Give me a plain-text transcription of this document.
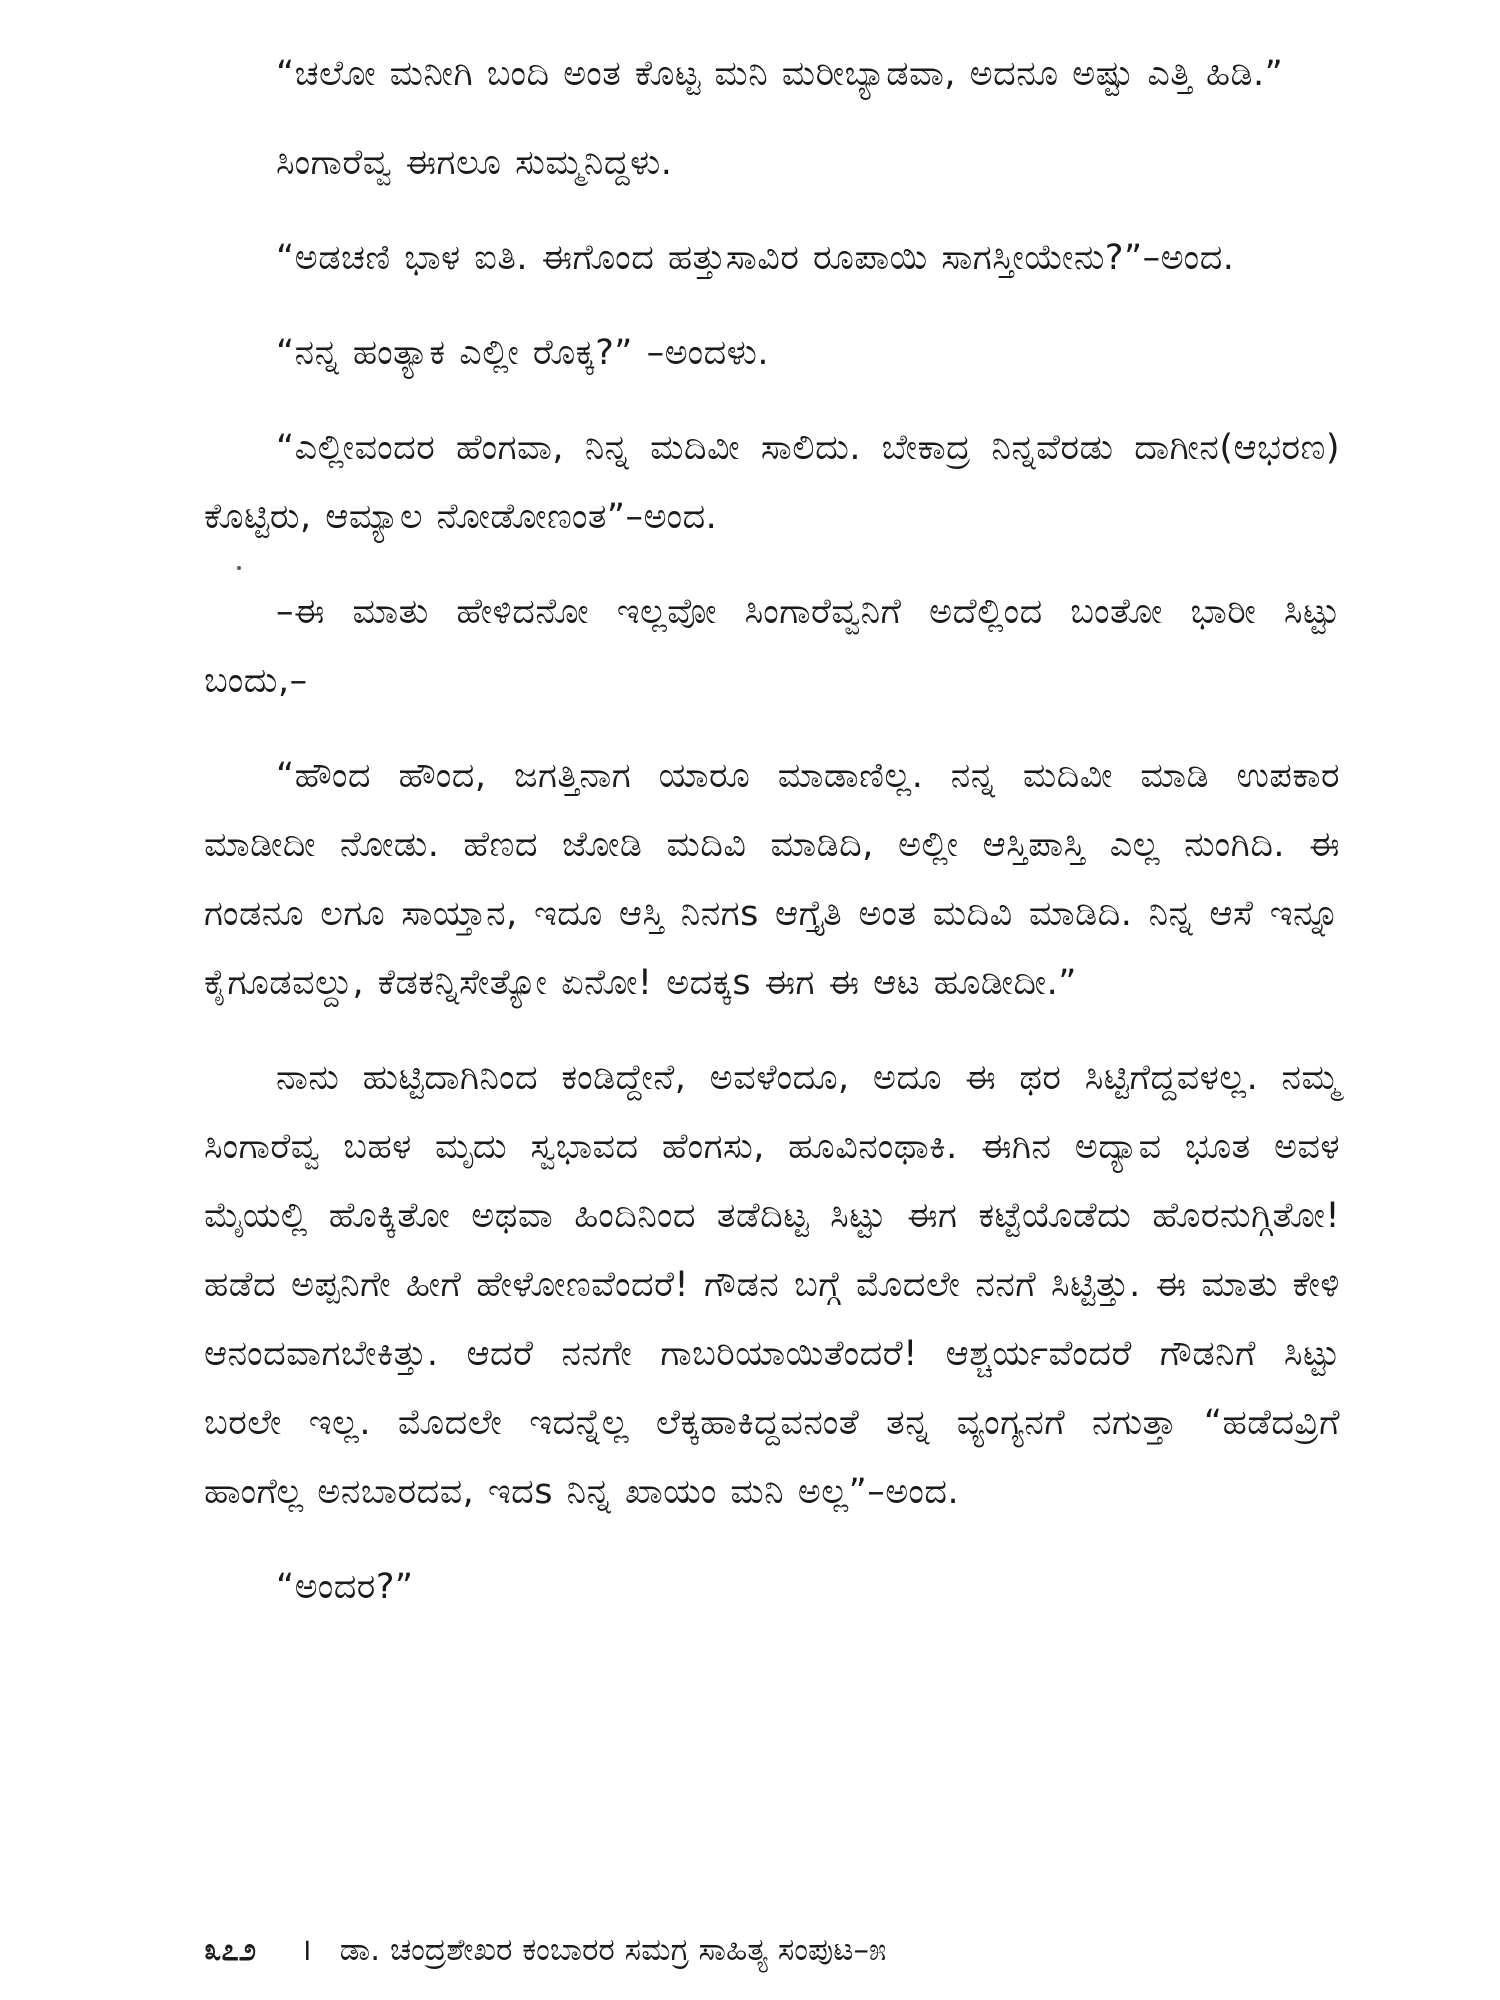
“ಚಲೋ ಮನೀಗಿ ಬಂದಿ ಅಂತ ಕೊಟ್ಟ ಮನಿ ಮರೀಬ್ಯಾಡವಾ, ಅದನೂ ಅಷ್ಟು ಎತ್ತಿ ಹಿಡಿ.”

ಸಿಂಗಾರೆವ್ವ ಈಗಲೂ ಸುಮ್ಮನಿದ್ದಳು.

“ಅಡಚಣಿ ಭಾಳ ಐತಿ. ಈಗೊಂದ ಹತ್ತುಸಾವಿರ ರೂಪಾಯಿ ಸಾಗಸ್ತೀಯೇನು?”–ಅಂದ.

“ನನ್ನ ಹಂತ್ಯಾಕ ಎಲ್ಲೀ ರೊಕ್ಕ?” –ಅಂದಳು.

“ಎಲ್ಲೀವಂದರ ಹೆಂಗವಾ, ನಿನ್ನ ಮದಿವೀ ಸಾಲಿದು. ಬೇಕಾದ್ರ ನಿನ್ನವೆರಡು ದಾಗೀನ(ಆಭರಣ) ಕೊಟ್ಟಿರು, ಆಮ್ಯಾಲ ನೋಡೋಣಂತ”–ಅಂದ.

–ಈ ಮಾತು ಹೇಳಿದನೋ ಇಲ್ಲವೋ ಸಿಂಗಾರೆವ್ವನಿಗೆ ಅದೆಲ್ಲಿಂದ ಬಂತೋ ಭಾರೀ ಸಿಟ್ಟು ಬಂದು,–

“ಹೌಂದ ಹೌಂದ, ಜಗತ್ತಿನಾಗ ಯಾರೂ ಮಾಡಾಣಿಲ್ಲ. ನನ್ನ ಮದಿವೀ ಮಾಡಿ ಉಪಕಾರ ಮಾಡೀದೀ ನೋಡು. ಹೆಣದ ಜೋಡಿ ಮದಿವಿ ಮಾಡಿದಿ, ಅಲ್ಲೀ ಆಸ್ತಿಪಾಸ್ತಿ ಎಲ್ಲ ನುಂಗಿದಿ. ಈ ಗಂಡನೂ ಲಗೂ ಸಾಯ್ತಾನ, ಇದೂ ಆಸ್ತಿ ನಿನಗs ಆಗ್ತೈತಿ ಅಂತ ಮದಿವಿ ಮಾಡಿದಿ. ನಿನ್ನ ಆಸೆ ಇನ್ನೂ ಕೈಗೂಡವಲ್ದು, ಕೆಡಕನ್ನಿಸೇತ್ಯೋ ಏನೋ! ಅದಕ್ಕs ಈಗ ಈ ಆಟ ಹೂಡೀದೀ.”

ನಾನು ಹುಟ್ಟಿದಾಗಿನಿಂದ ಕಂಡಿದ್ದೇನೆ, ಅವಳೆಂದೂ, ಅದೂ ಈ ಥರ ಸಿಟ್ಟಿಗೆದ್ದವಳಲ್ಲ. ನಮ್ಮ ಸಿಂಗಾರೆವ್ವ ಬಹಳ ಮೃದು ಸ್ವಭಾವದ ಹೆಂಗಸು, ಹೂವಿನಂಥಾಕಿ. ಈಗಿನ ಅದ್ಯಾವ ಭೂತ ಅವಳ ಮೈಯಲ್ಲಿ ಹೊಕ್ಕಿತೋ ಅಥವಾ ಹಿಂದಿನಿಂದ ತಡೆದಿಟ್ಟ ಸಿಟ್ಟು ಈಗ ಕಟ್ಟೆಯೊಡೆದು ಹೊರನುಗ್ಗಿತೋ! ಹಡೆದ ಅಪ್ಪನಿಗೇ ಹೀಗೆ ಹೇಳೋಣವೆಂದರೆ! ಗೌಡನ ಬಗ್ಗೆ ಮೊದಲೇ ನನಗೆ ಸಿಟ್ಟಿತ್ತು. ಈ ಮಾತು ಕೇಳಿ ಆನಂದವಾಗಬೇಕಿತ್ತು. ಆದರೆ ನನಗೇ ಗಾಬರಿಯಾಯಿತೆಂದರೆ! ಆಶ್ಚರ್ಯವೆಂದರೆ ಗೌಡನಿಗೆ ಸಿಟ್ಟು ಬರಲೇ ಇಲ್ಲ. ಮೊದಲೇ ಇದನ್ನೆಲ್ಲ ಲೆಕ್ಕಹಾಕಿದ್ದವನಂತೆ ತನ್ನ ವ್ಯಂಗ್ಯನಗೆ ನಗುತ್ತಾ “ಹಡೆದವ್ರಿಗೆ ಹಾಂಗೆಲ್ಲ ಅನಬಾರದವ, ಇದs ನಿನ್ನ ಖಾಯಂ ಮನಿ ಅಲ್ಲ”–ಅಂದ.

“ಅಂದರ?”

೩೭೨ । ಡಾ. ಚಂದ್ರಶೇಖರ ಕಂಬಾರರ ಸಮಗ್ರ ಸಾಹಿತ್ಯ ಸಂಪುಟ–೫
